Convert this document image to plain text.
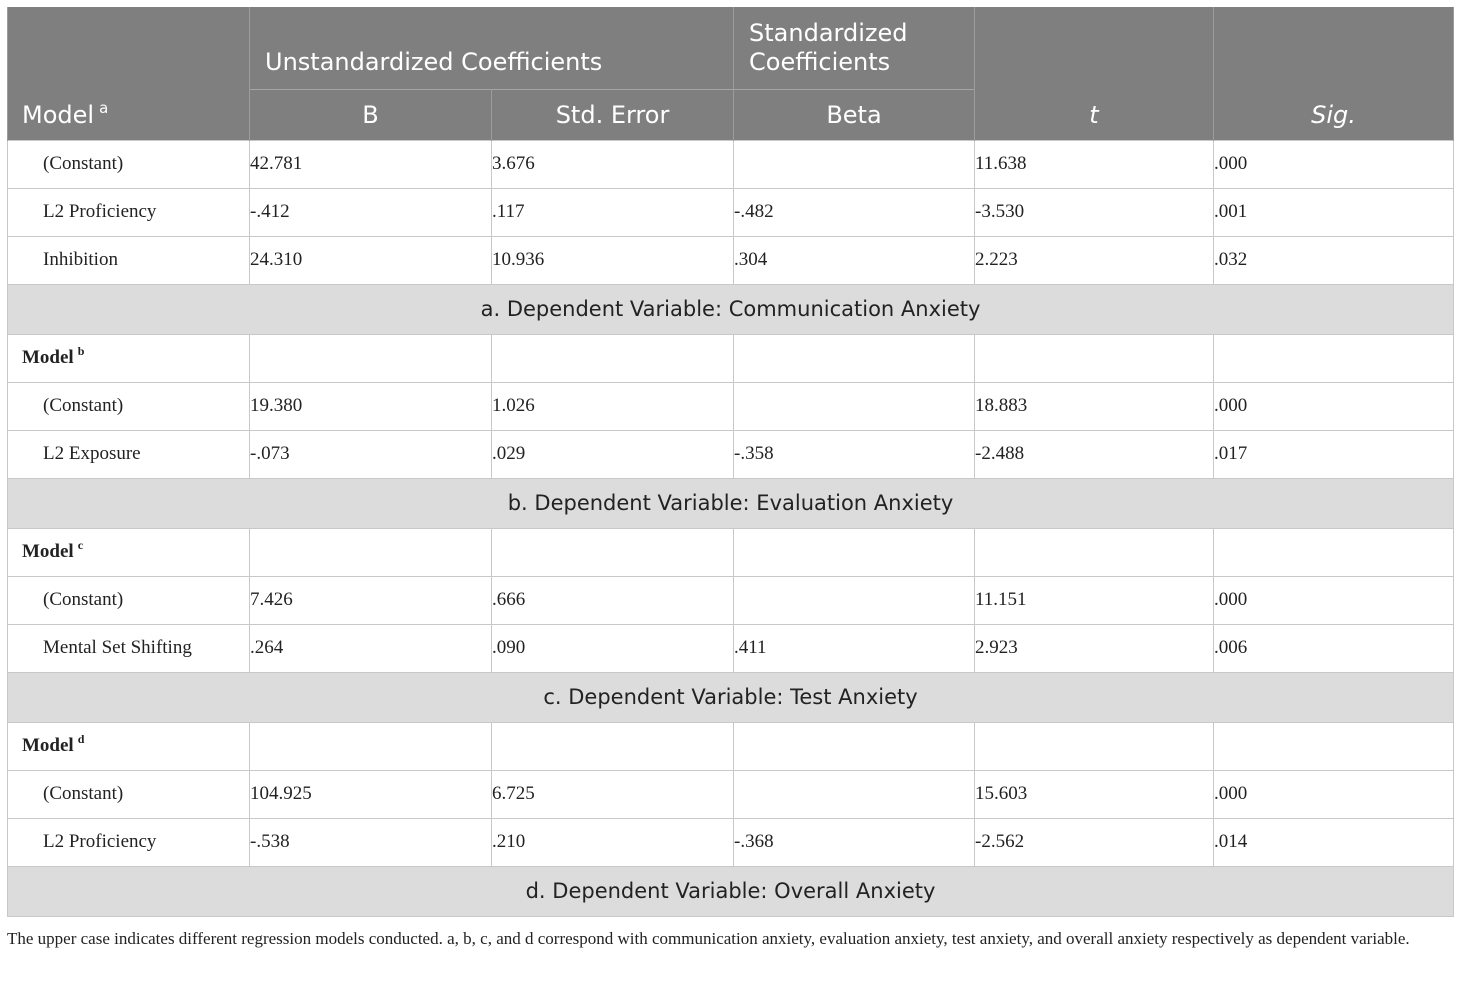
Model $^a$	Unstandardized Coefficients		Standardized Coefficients	t	Sig.
	B	Std. Error	Beta		
(Constant)	42.781	3.676		11.638	.000
L2 Proficiency	-.412	.117	-.482	-3.530	.001
Inhibition	24.310	10.936	.304	2.223	.032
a. Dependent Variable: Communication Anxiety					
Model $^b$					
(Constant)	19.380	1.026		18.883	.000
L2 Exposure	-.073	.029	-.358	-2.488	.017
b. Dependent Variable: Evaluation Anxiety					
Model $^c$					
(Constant)	7.426	.666		11.151	.000
Mental Set Shifting	.264	.090	.411	2.923	.006
c. Dependent Variable: Test Anxiety					
Model $^d$					
(Constant)	104.925	6.725		15.603	.000
L2 Proficiency	-.538	.210	-.368	-2.562	.014
d. Dependent Variable: Overall Anxiety					
The upper case indicates different regression models conducted. a, b, c, and d correspond with communication anxiety, evaluation anxiety, test anxiety, and overall anxiety respectively as dependent variable.
